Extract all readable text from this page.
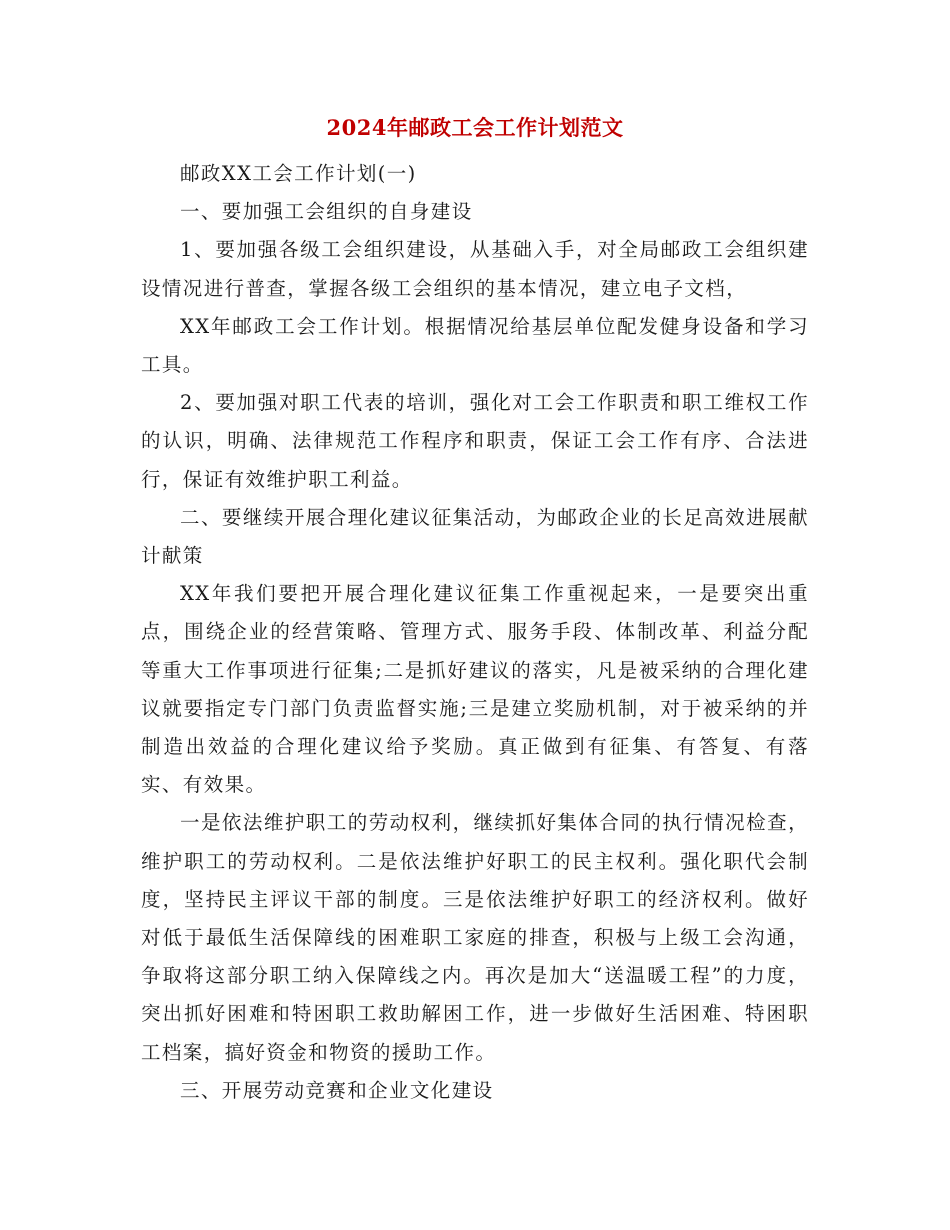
2024年邮政工会工作计划范文

邮政XX工会工作计划(一)

一、要加强工会组织的自身建设

1、要加强各级工会组织建设，从基础入手，对全局邮政工会组织建设情况进行普查，掌握各级工会组织的基本情况，建立电子文档，

XX年邮政工会工作计划。根据情况给基层单位配发健身设备和学习工具。

2、要加强对职工代表的培训，强化对工会工作职责和职工维权工作的认识，明确、法律规范工作程序和职责，保证工会工作有序、合法进行，保证有效维护职工利益。

二、要继续开展合理化建议征集活动，为邮政企业的长足高效进展献计献策

XX年我们要把开展合理化建议征集工作重视起来，一是要突出重点，围绕企业的经营策略、管理方式、服务手段、体制改革、利益分配等重大工作事项进行征集;二是抓好建议的落实，凡是被采纳的合理化建议就要指定专门部门负责监督实施;三是建立奖励机制，对于被采纳的并制造出效益的合理化建议给予奖励。真正做到有征集、有答复、有落实、有效果。

一是依法维护职工的劳动权利，继续抓好集体合同的执行情况检查，维护职工的劳动权利。二是依法维护好职工的民主权利。强化职代会制度，坚持民主评议干部的制度。三是依法维护好职工的经济权利。做好对低于最低生活保障线的困难职工家庭的排查，积极与上级工会沟通，争取将这部分职工纳入保障线之内。再次是加大“送温暖工程”的力度，突出抓好困难和特困职工救助解困工作，进一步做好生活困难、特困职工档案，搞好资金和物资的援助工作。

三、开展劳动竞赛和企业文化建设
